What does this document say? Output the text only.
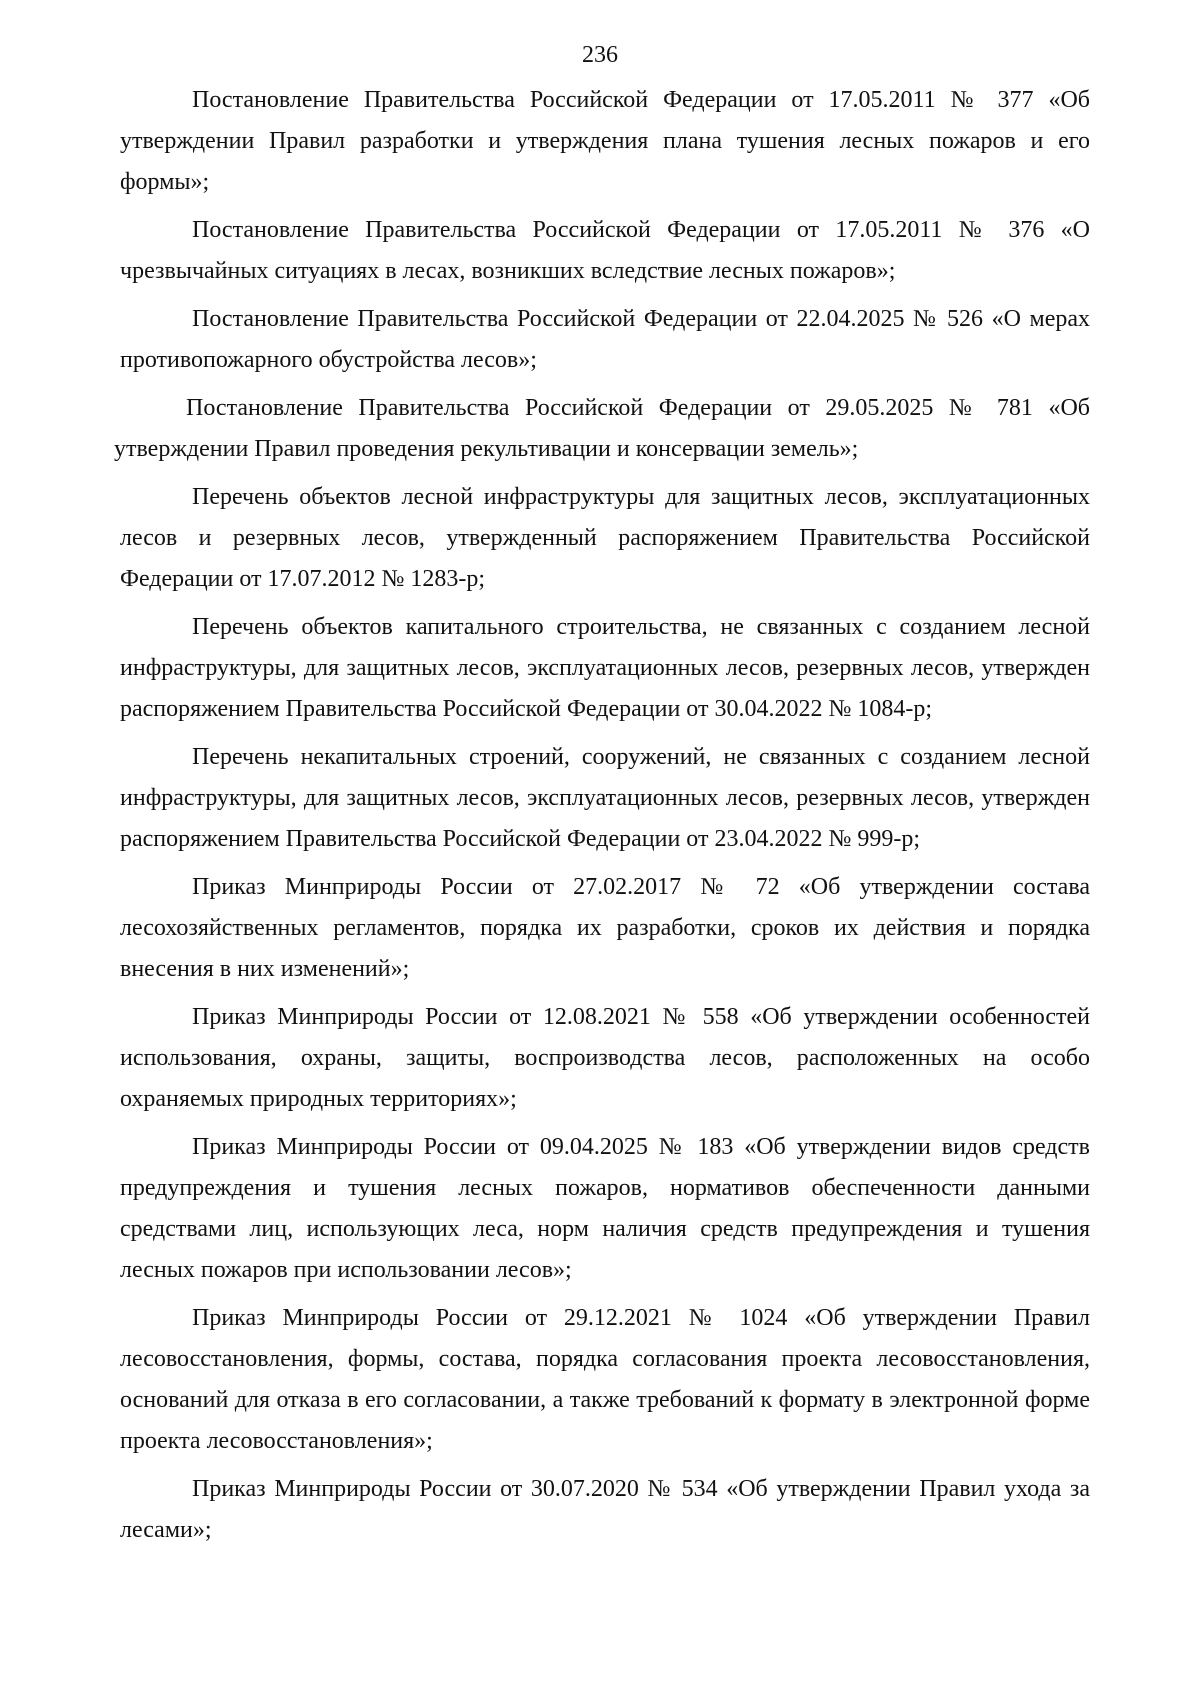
236

Постановление Правительства Российской Федерации от 17.05.2011 № 377 «Об утверждении Правил разработки и утверждения плана тушения лесных пожаров и его формы»;

Постановление Правительства Российской Федерации от 17.05.2011 № 376 «О чрезвычайных ситуациях в лесах, возникших вследствие лесных пожаров»;

Постановление Правительства Российской Федерации от 22.04.2025 № 526 «О мерах противопожарного обустройства лесов»;

Постановление Правительства Российской Федерации от 29.05.2025 № 781 «Об утверждении Правил проведения рекультивации и консервации земель»;

Перечень объектов лесной инфраструктуры для защитных лесов, эксплуатационных лесов и резервных лесов, утвержденный распоряжением Правительства Российской Федерации от 17.07.2012 № 1283-р;

Перечень объектов капитального строительства, не связанных с созданием лесной инфраструктуры, для защитных лесов, эксплуатационных лесов, резервных лесов, утвержден распоряжением Правительства Российской Федерации от 30.04.2022 № 1084-р;

Перечень некапитальных строений, сооружений, не связанных с созданием лесной инфраструктуры, для защитных лесов, эксплуатационных лесов, резервных лесов, утвержден распоряжением Правительства Российской Федерации от 23.04.2022 № 999-р;

Приказ Минприроды России от 27.02.2017 № 72 «Об утверждении состава лесохозяйственных регламентов, порядка их разработки, сроков их действия и порядка внесения в них изменений»;

Приказ Минприроды России от 12.08.2021 № 558 «Об утверждении особенностей использования, охраны, защиты, воспроизводства лесов, расположенных на особо охраняемых природных территориях»;

Приказ Минприроды России от 09.04.2025 № 183 «Об утверждении видов средств предупреждения и тушения лесных пожаров, нормативов обеспеченности данными средствами лиц, использующих леса, норм наличия средств предупреждения и тушения лесных пожаров при использовании лесов»;

Приказ Минприроды России от 29.12.2021 № 1024 «Об утверждении Правил лесовосстановления, формы, состава, порядка согласования проекта лесовосстановления, оснований для отказа в его согласовании, а также требований к формату в электронной форме проекта лесовосстановления»;

Приказ Минприроды России от 30.07.2020 № 534 «Об утверждении Правил ухода за лесами»;
